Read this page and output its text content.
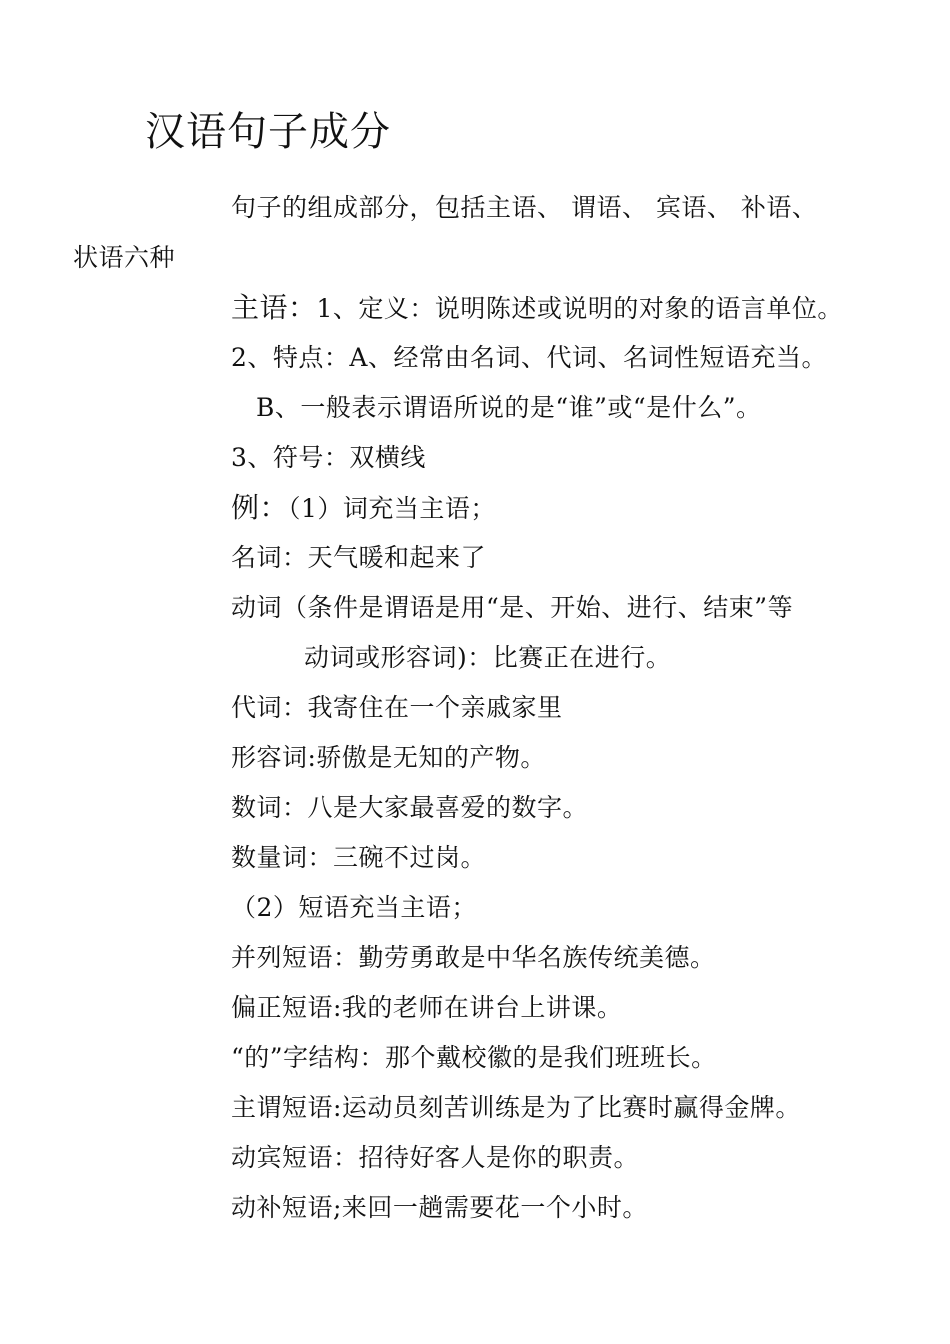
汉语句子成分
句子的组成部分，包括主语、 谓语、 宾语、 补语、
状语六种
主语：1、定义：说明陈述或说明的对象的语言单位。
2、特点：A、经常由名词、代词、名词性短语充当。
B、一般表示谓语所说的是“谁”或“是什么”。
3、符号：双横线
例：（1）词充当主语；
名词：天气暖和起来了
动词（条件是谓语是用“是、开始、进行、结束”等
动词或形容词)：比赛正在进行。
代词：我寄住在一个亲戚家里
形容词:骄傲是无知的产物。
数词：八是大家最喜爱的数字。
数量词：三碗不过岗。
（2）短语充当主语；
并列短语：勤劳勇敢是中华名族传统美德。
偏正短语:我的老师在讲台上讲课。
“的”字结构：那个戴校徽的是我们班班长。
主谓短语:运动员刻苦训练是为了比赛时赢得金牌。
动宾短语：招待好客人是你的职责。
动补短语;来回一趟需要花一个小时。
